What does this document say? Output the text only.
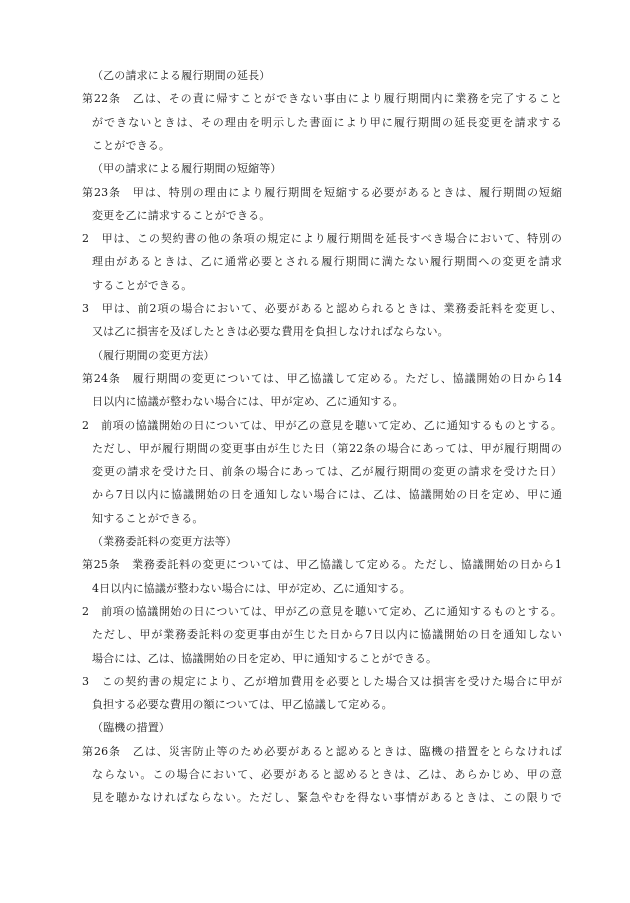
（乙の請求による履行期間の延長）
第22条　乙は、その責に帰すことができない事由により履行期間内に業務を完了すること
ができないときは、その理由を明示した書面により甲に履行期間の延長変更を請求する
ことができる。
（甲の請求による履行期間の短縮等）
第23条　甲は、特別の理由により履行期間を短縮する必要があるときは、履行期間の短縮
変更を乙に請求することができる。
2　甲は、この契約書の他の条項の規定により履行期間を延長すべき場合において、特別の
理由があるときは、乙に通常必要とされる履行期間に満たない履行期間への変更を請求
することができる。
3　甲は、前2項の場合において、必要があると認められるときは、業務委託料を変更し、
又は乙に損害を及ぼしたときは必要な費用を負担しなければならない。
（履行期間の変更方法）
第24条　履行期間の変更については、甲乙協議して定める。ただし、協議開始の日から14
日以内に協議が整わない場合には、甲が定め、乙に通知する。
2　前項の協議開始の日については、甲が乙の意見を聴いて定め、乙に通知するものとする。
ただし、甲が履行期間の変更事由が生じた日（第22条の場合にあっては、甲が履行期間の
変更の請求を受けた日、前条の場合にあっては、乙が履行期間の変更の請求を受けた日）
から7日以内に協議開始の日を通知しない場合には、乙は、協議開始の日を定め、甲に通
知することができる。
（業務委託料の変更方法等）
第25条　業務委託料の変更については、甲乙協議して定める。ただし、協議開始の日から1
4日以内に協議が整わない場合には、甲が定め、乙に通知する。
2　前項の協議開始の日については、甲が乙の意見を聴いて定め、乙に通知するものとする。
ただし、甲が業務委託料の変更事由が生じた日から7日以内に協議開始の日を通知しない
場合には、乙は、協議開始の日を定め、甲に通知することができる。
3　この契約書の規定により、乙が増加費用を必要とした場合又は損害を受けた場合に甲が
負担する必要な費用の額については、甲乙協議して定める。
（臨機の措置）
第26条　乙は、災害防止等のため必要があると認めるときは、臨機の措置をとらなければ
ならない。この場合において、必要があると認めるときは、乙は、あらかじめ、甲の意
見を聴かなければならない。ただし、緊急やむを得ない事情があるときは、この限りで
